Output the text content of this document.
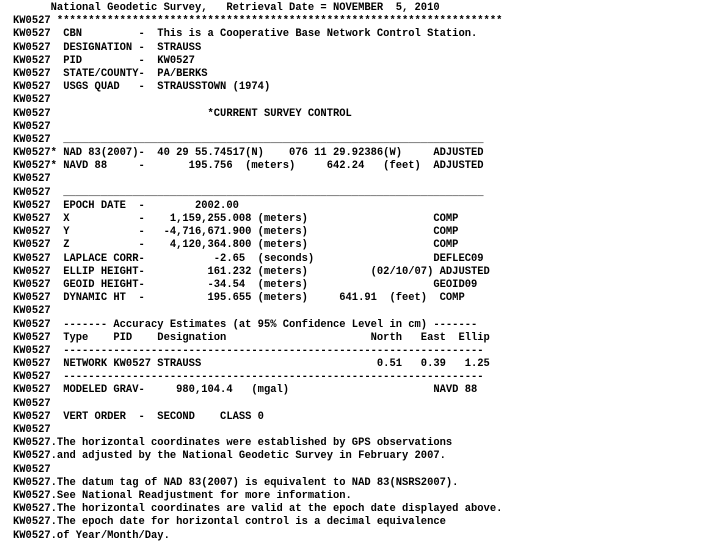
National Geodetic Survey,   Retrieval Date = NOVEMBER  5, 2010
KW0527 ***********************************************************************
KW0527  CBN         -  This is a Cooperative Base Network Control Station.
KW0527  DESIGNATION -  STRAUSS
KW0527  PID         -  KW0527
KW0527  STATE/COUNTY-  PA/BERKS
KW0527  USGS QUAD   -  STRAUSSTOWN (1974)
KW0527
KW0527                         *CURRENT SURVEY CONTROL
KW0527
KW0527  ___________________________________________________________________
KW0527* NAD 83(2007)-  40 29 55.74517(N)    076 11 29.92386(W)     ADJUSTED
KW0527* NAVD 88     -       195.756  (meters)     642.24   (feet)  ADJUSTED
KW0527
KW0527  ___________________________________________________________________
KW0527  EPOCH DATE  -        2002.00
KW0527  X           -    1,159,255.008 (meters)                    COMP
KW0527  Y           -   -4,716,671.900 (meters)                    COMP
KW0527  Z           -    4,120,364.800 (meters)                    COMP
KW0527  LAPLACE CORR-           -2.65  (seconds)                   DEFLEC09
KW0527  ELLIP HEIGHT-          161.232 (meters)          (02/10/07) ADJUSTED
KW0527  GEOID HEIGHT-          -34.54  (meters)                    GEOID09
KW0527  DYNAMIC HT  -          195.655 (meters)     641.91  (feet)  COMP
KW0527
KW0527  ------- Accuracy Estimates (at 95% Confidence Level in cm) -------
KW0527  Type    PID    Designation                       North   East  Ellip
KW0527  -------------------------------------------------------------------
KW0527  NETWORK KW0527 STRAUSS                            0.51   0.39   1.25
KW0527  -------------------------------------------------------------------
KW0527  MODELED GRAV-     980,104.4   (mgal)                       NAVD 88
KW0527
KW0527  VERT ORDER  -  SECOND    CLASS 0
KW0527
KW0527.The horizontal coordinates were established by GPS observations
KW0527.and adjusted by the National Geodetic Survey in February 2007.
KW0527
KW0527.The datum tag of NAD 83(2007) is equivalent to NAD 83(NSRS2007).
KW0527.See National Readjustment for more information.
KW0527.The horizontal coordinates are valid at the epoch date displayed above.
KW0527.The epoch date for horizontal control is a decimal equivalence
KW0527.of Year/Month/Day.
